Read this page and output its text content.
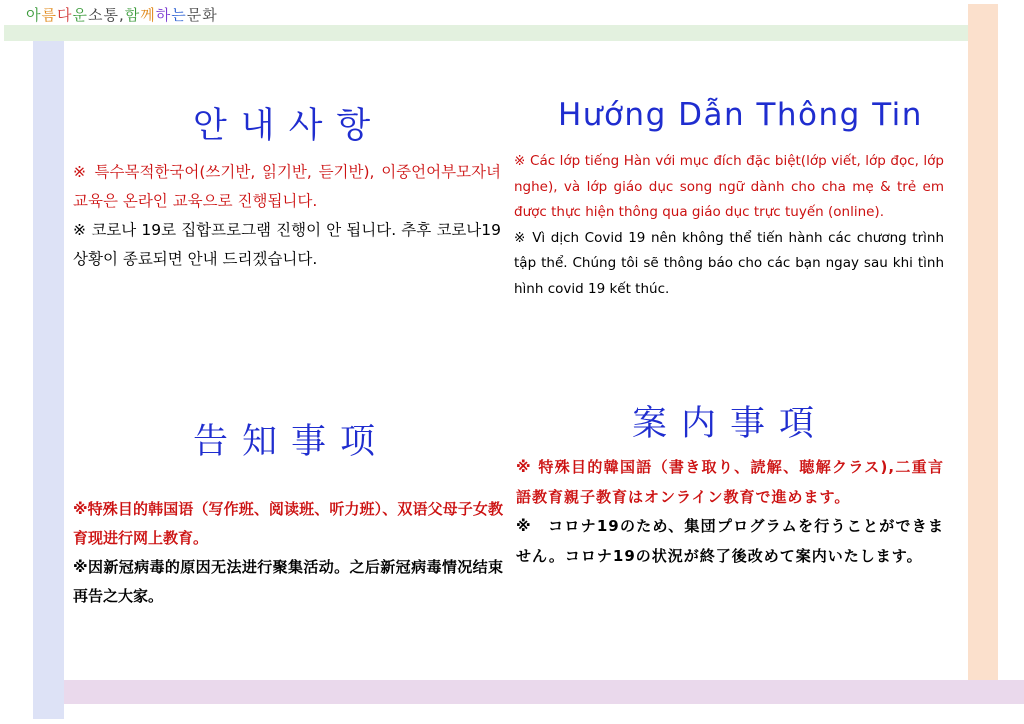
아름다운소통,함께하는문화
안내사항

※ 특수목적한국어(쓰기반, 읽기반, 듣기반), 이중언어부모자녀교육은 온라인 교육으로 진행됩니다.

※ 코로나 19로 집합프로그램 진행이 안 됩니다. 추후 코로나19 상황이 종료되면 안내 드리겠습니다.

Hướng Dẫn Thông Tin

※ Các lớp tiếng Hàn với mục đích đặc biệt(lớp viết, lớp đọc, lớp nghe), và lớp giáo dục song ngữ dành cho cha mẹ & trẻ em được thực hiện thông qua giáo dục trực tuyến (online).

※ Vì dịch Covid 19 nên không thể tiến hành các chương trình tập thể. Chúng tôi sẽ thông báo cho các bạn ngay sau khi tình hình covid 19 kết thúc.

告知事项

※特殊目的韩国语（写作班、阅读班、听力班）、双语父母子女教育现进行网上教育。

※因新冠病毒的原因无法进行聚集活动。之后新冠病毒情况结束再告之大家。

案内事項

※ 特殊目的韓国語（書き取り、読解、聴解クラス),二重言語教育親子教育はオンライン教育で進めます。

※　コロナ19のため、集団プログラムを行うことができません。コロナ19の状況が終了後改めて案内いたします。
